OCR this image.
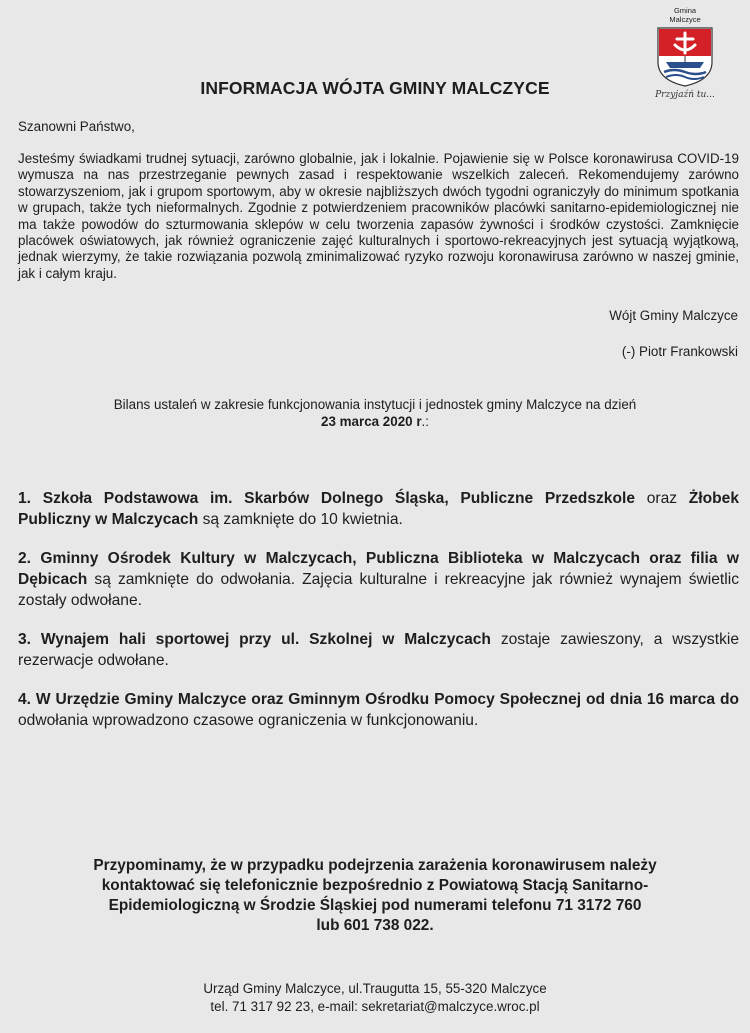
Gmina
Malczyce
Przyjaźń tu...
INFORMACJA WÓJTA GMINY MALCZYCE
Szanowni Państwo,

Jesteśmy świadkami trudnej sytuacji, zarówno globalnie, jak i lokalnie. Pojawienie się w Polsce koronawirusa COVID-19 wymusza na nas przestrzeganie pewnych zasad i respektowanie wszelkich zaleceń. Rekomendujemy zarówno stowarzyszeniom, jak i grupom sportowym, aby w okresie najbliższych dwóch tygodni ograniczyły do minimum spotkania w grupach, także tych nieformalnych. Zgodnie z potwierdzeniem pracowników placówki sanitarno-epidemiologicznej nie ma także powodów do szturmowania sklepów w celu tworzenia zapasów żywności i środków czystości. Zamknięcie placówek oświatowych, jak również ograniczenie zajęć kulturalnych i sportowo-rekreacyjnych jest sytuacją wyjątkową, jednak wierzymy, że takie rozwiązania pozwolą zminimalizować ryzyko rozwoju koronawirusa zarówno w naszej gminie, jak i całym kraju.

Wójt Gminy Malczyce
(-) Piotr Frankowski
Bilans ustaleń w zakresie funkcjonowania instytucji i jednostek gminy Malczyce na dzień
23 marca 2020 r.:

1. Szkoła Podstawowa im. Skarbów Dolnego Śląska, Publiczne Przedszkole oraz Żłobek Publiczny w Malczycach są zamknięte do 10 kwietnia.

2. Gminny Ośrodek Kultury w Malczycach, Publiczna Biblioteka w Malczycach oraz filia w Dębicach są zamknięte do odwołania. Zajęcia kulturalne i rekreacyjne jak również wynajem świetlic zostały odwołane.

3. Wynajem hali sportowej przy ul. Szkolnej w Malczycach zostaje zawieszony, a wszystkie rezerwacje odwołane.

4. W Urzędzie Gminy Malczyce oraz Gminnym Ośrodku Pomocy Społecznej od dnia 16 marca do odwołania wprowadzono czasowe ograniczenia w funkcjonowaniu.

Przypominamy, że w przypadku podejrzenia zarażenia koronawirusem należy
kontaktować się telefonicznie bezpośrednio z Powiatową Stacją Sanitarno-
Epidemiologiczną w Środzie Śląskiej pod numerami telefonu 71 3172 760
lub 601 738 022.
Urząd Gminy Malczyce, ul.Traugutta 15, 55-320 Malczyce
tel. 71 317 92 23, e-mail: sekretariat@malczyce.wroc.pl
